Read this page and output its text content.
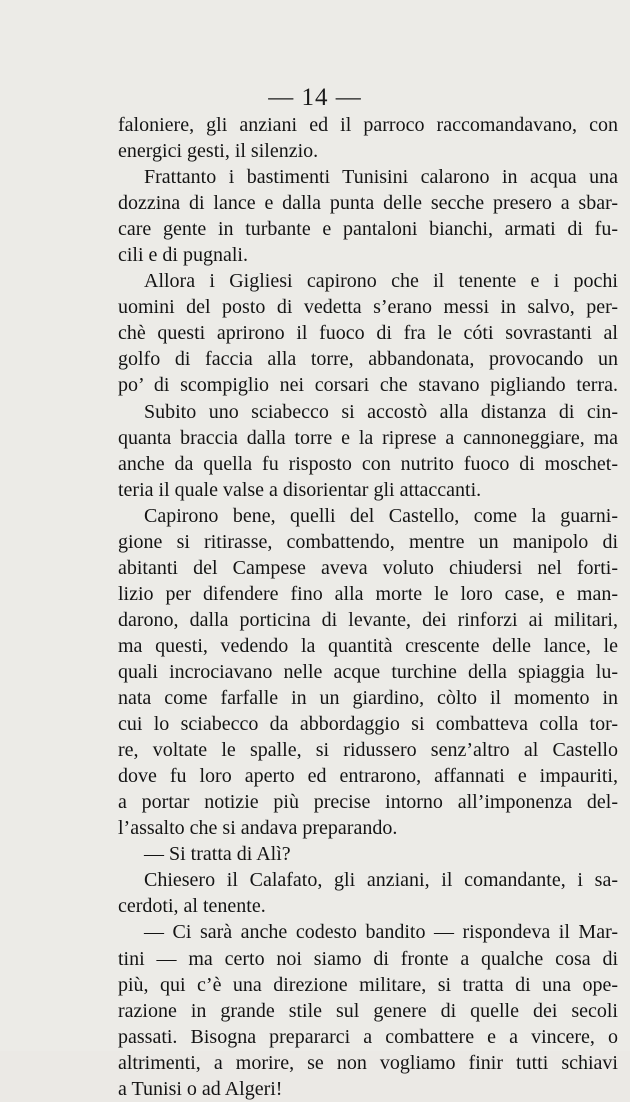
— 14 —
faloniere, gli anziani ed il parroco raccomandavano, con
energici gesti, il silenzio.
Frattanto i bastimenti Tunisini calarono in acqua una
dozzina di lance e dalla punta delle secche presero a sbar-
care gente in turbante e pantaloni bianchi, armati di fu-
cili e di pugnali.
Allora i Gigliesi capirono che il tenente e i pochi
uomini del posto di vedetta s’erano messi in salvo, per-
chè questi aprirono il fuoco di fra le cóti sovrastanti al
golfo di faccia alla torre, abbandonata, provocando un
po’ di scompiglio nei corsari che stavano pigliando terra.
Subito uno sciabecco si accostò alla distanza di cin-
quanta braccia dalla torre e la riprese a cannoneggiare, ma
anche da quella fu risposto con nutrito fuoco di moschet-
teria il quale valse a disorientar gli attaccanti.
Capirono bene, quelli del Castello, come la guarni-
gione si ritirasse, combattendo, mentre un manipolo di
abitanti del Campese aveva voluto chiudersi nel forti-
lizio per difendere fino alla morte le loro case, e man-
darono, dalla porticina di levante, dei rinforzi ai militari,
ma questi, vedendo la quantità crescente delle lance, le
quali incrociavano nelle acque turchine della spiaggia lu-
nata come farfalle in un giardino, còlto il momento in
cui lo sciabecco da abbordaggio si combatteva colla tor-
re, voltate le spalle, si ridussero senz’altro al Castello
dove fu loro aperto ed entrarono, affannati e impauriti,
a portar notizie più precise intorno all’imponenza del-
l’assalto che si andava preparando.
— Si tratta di Alì?
Chiesero il Calafato, gli anziani, il comandante, i sa-
cerdoti, al tenente.
— Ci sarà anche codesto bandito — rispondeva il Mar-
tini — ma certo noi siamo di fronte a qualche cosa di
più, qui c’è una direzione militare, si tratta di una ope-
razione in grande stile sul genere di quelle dei secoli
passati. Bisogna prepararci a combattere e a vincere, o
altrimenti, a morire, se non vogliamo finir tutti schiavi
a Tunisi o ad Algeri!
